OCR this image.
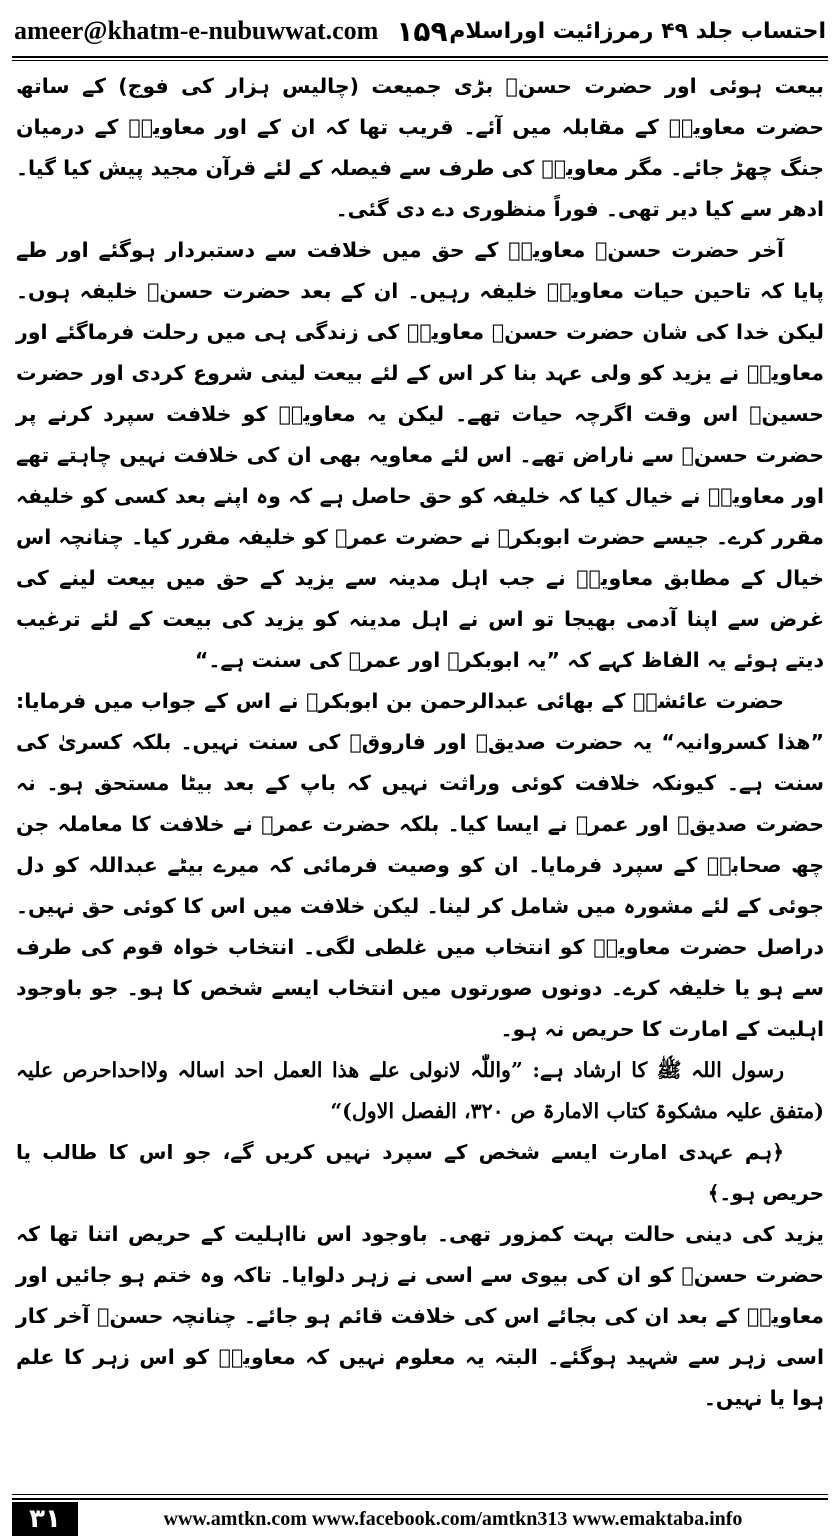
ameer@khatm-e-nubuwwat.com ۱۵۹ احتساب جلد ۴۹ رمرزائیت اوراسلام

بیعت ہوئی اور حضرت حسنؓ بڑی جمیعت (چالیس ہزار کی فوج) کے ساتھ حضرت معاویہؓ کے مقابلہ میں آئے۔ قریب تھا کہ ان کے اور معاویہؓ کے درمیان جنگ چھڑ جائے۔ مگر معاویہؓ کی طرف سے فیصلہ کے لئے قرآن مجید پیش کیا گیا۔ ادھر سے کیا دیر تھی۔ فوراً منظوری دے دی گئی۔

آخر حضرت حسنؓ معاویہؓ کے حق میں خلافت سے دستبردار ہوگئے اور طے پایا کہ تاحین حیات معاویہؓ خلیفہ رہیں۔ ان کے بعد حضرت حسنؓ خلیفہ ہوں۔ لیکن خدا کی شان حضرت حسنؓ معاویہؓ کی زندگی ہی میں رحلت فرماگئے اور معاویہؓ نے یزید کو ولی عہد بنا کر اس کے لئے بیعت لینی شروع کردی اور حضرت حسینؓ اس وقت اگرچہ حیات تھے۔ لیکن یہ معاویہؓ کو خلافت سپرد کرنے پر حضرت حسنؓ سے ناراض تھے۔ اس لئے معاویہ بھی ان کی خلافت نہیں چاہتے تھے اور معاویہؓ نے خیال کیا کہ خلیفہ کو حق حاصل ہے کہ وہ اپنے بعد کسی کو خلیفہ مقرر کرے۔ جیسے حضرت ابوبکرؓ نے حضرت عمرؓ کو خلیفہ مقرر کیا۔ چنانچہ اس خیال کے مطابق معاویہؓ نے جب اہل مدینہ سے یزید کے حق میں بیعت لینے کی غرض سے اپنا آدمی بھیجا تو اس نے اہل مدینہ کو یزید کی بیعت کے لئے ترغیب دیتے ہوئے یہ الفاظ کہے کہ ”یہ ابوبکرؓ اور عمرؓ کی سنت ہے۔“

حضرت عائشہؓ کے بھائی عبدالرحمن بن ابوبکرؓ نے اس کے جواب میں فرمایا: ”ھذا کسروانیہ“ یہ حضرت صدیقؓ اور فاروقؓ کی سنت نہیں۔ بلکہ کسریٰ کی سنت ہے۔ کیونکہ خلافت کوئی وراثت نہیں کہ باپ کے بعد بیٹا مستحق ہو۔ نہ حضرت صدیقؓ اور عمرؓ نے ایسا کیا۔ بلکہ حضرت عمرؓ نے خلافت کا معاملہ جن چھ صحابہؓ کے سپرد فرمایا۔ ان کو وصیت فرمائی کہ میرے بیٹے عبداللہ کو دل جوئی کے لئے مشورہ میں شامل کر لینا۔ لیکن خلافت میں اس کا کوئی حق نہیں۔ دراصل حضرت معاویہؓ کو انتخاب میں غلطی لگی۔ انتخاب خواہ قوم کی طرف سے ہو یا خلیفہ کرے۔ دونوں صورتوں میں انتخاب ایسے شخص کا ہو۔ جو باوجود اہلیت کے امارت کا حریص نہ ہو۔

رسول اللہ ﷺ کا ارشاد ہے: ”واللّٰہ لانولی علے ھذا العمل احد اسالہ ولااحداحرص علیہ (متفق علیہ مشکوۃ کتاب الامارۃ ص ۳۲۰، الفصل الاول)“

﴿ہم عہدی امارت ایسے شخص کے سپرد نہیں کریں گے، جو اس کا طالب یا حریص ہو۔﴾

یزید کی دینی حالت بہت کمزور تھی۔ باوجود اس نااہلیت کے حریص اتنا تھا کہ حضرت حسنؓ کو ان کی بیوی سے اسی نے زہر دلوایا۔ تاکہ وہ ختم ہو جائیں اور معاویہؓ کے بعد ان کی بجائے اس کی خلافت قائم ہو جائے۔ چنانچہ حسنؓ آخر کار اسی زہر سے شہید ہوگئے۔ البتہ یہ معلوم نہیں کہ معاویہؓ کو اس زہر کا علم ہوا یا نہیں۔

۳۱	www.amtkn.com www.facebook.com/amtkn313 www.emaktaba.info
